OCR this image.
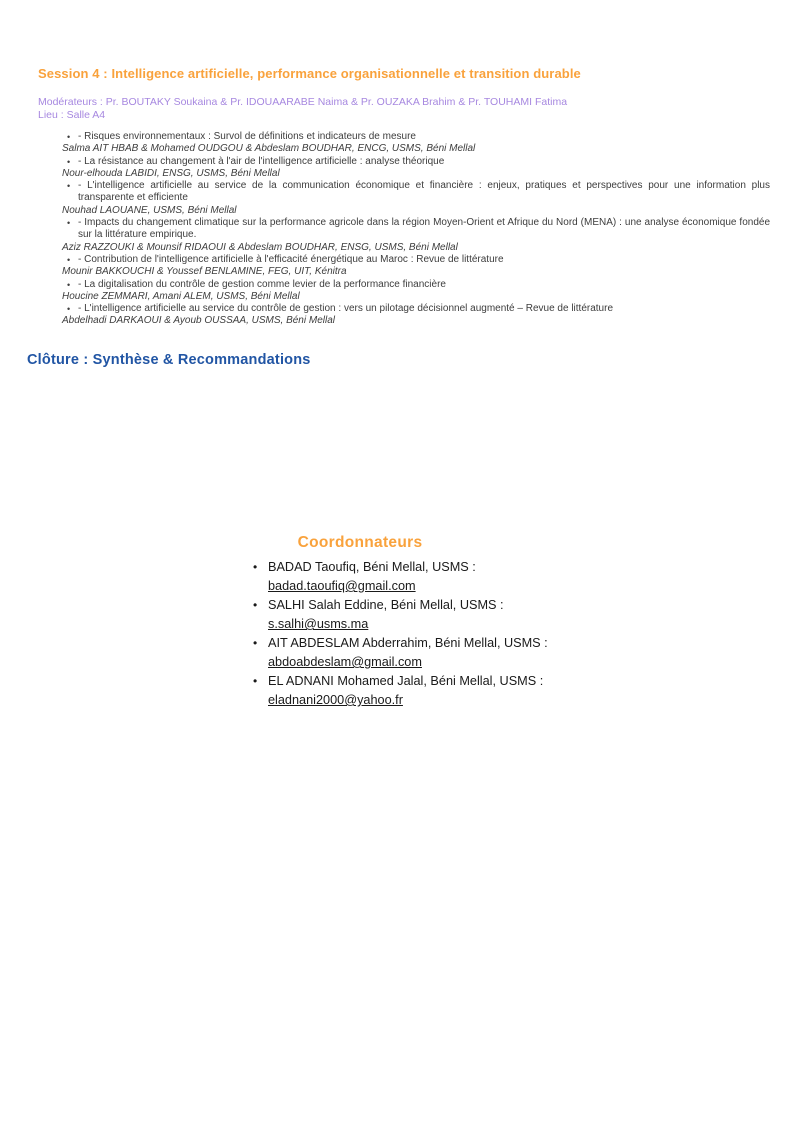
Session 4 : Intelligence artificielle, performance organisationnelle et transition durable
Modérateurs : Pr. BOUTAKY Soukaina & Pr. IDOUAARABE Naima & Pr. OUZAKA Brahim & Pr. TOUHAMI Fatima
Lieu : Salle A4
• - Risques environnementaux : Survol de définitions et indicateurs de mesure
Salma AIT HBAB & Mohamed OUDGOU & Abdeslam BOUDHAR, ENCG, USMS, Béni Mellal
• - La résistance au changement à l'air de l'intelligence artificielle : analyse théorique
Nour-elhouda LABIDI, ENSG, USMS, Béni Mellal
• - L'intelligence artificielle au service de la communication économique et financière : enjeux, pratiques et perspectives pour une information plus transparente et efficiente
Nouhad LAOUANE, USMS, Béni Mellal
• - Impacts du changement climatique sur la performance agricole dans la région Moyen-Orient et Afrique du Nord (MENA) : une analyse économique fondée sur la littérature empirique.
Aziz RAZZOUKI & Mounsif RIDAOUI & Abdeslam BOUDHAR, ENSG, USMS, Béni Mellal
• - Contribution de l'intelligence artificielle à l'efficacité énergétique au Maroc : Revue de littérature
Mounir BAKKOUCHI & Youssef BENLAMINE, FEG, UIT, Kénitra
• - La digitalisation du contrôle de gestion comme levier de la performance financière
Houcine ZEMMARI, Amani ALEM, USMS, Béni Mellal
• - L'intelligence artificielle au service du contrôle de gestion : vers un pilotage décisionnel augmenté – Revue de littérature
Abdelhadi DARKAOUI & Ayoub OUSSAA, USMS, Béni Mellal
Clôture : Synthèse & Recommandations
Coordonnateurs
• BADAD Taoufiq, Béni Mellal, USMS :
badad.taoufiq@gmail.com
• SALHI Salah Eddine, Béni Mellal, USMS :
s.salhi@usms.ma
• AIT ABDESLAM Abderrahim, Béni Mellal, USMS :
abdoabdeslam@gmail.com
• EL ADNANI Mohamed Jalal, Béni Mellal, USMS :
eladnani2000@yahoo.fr
